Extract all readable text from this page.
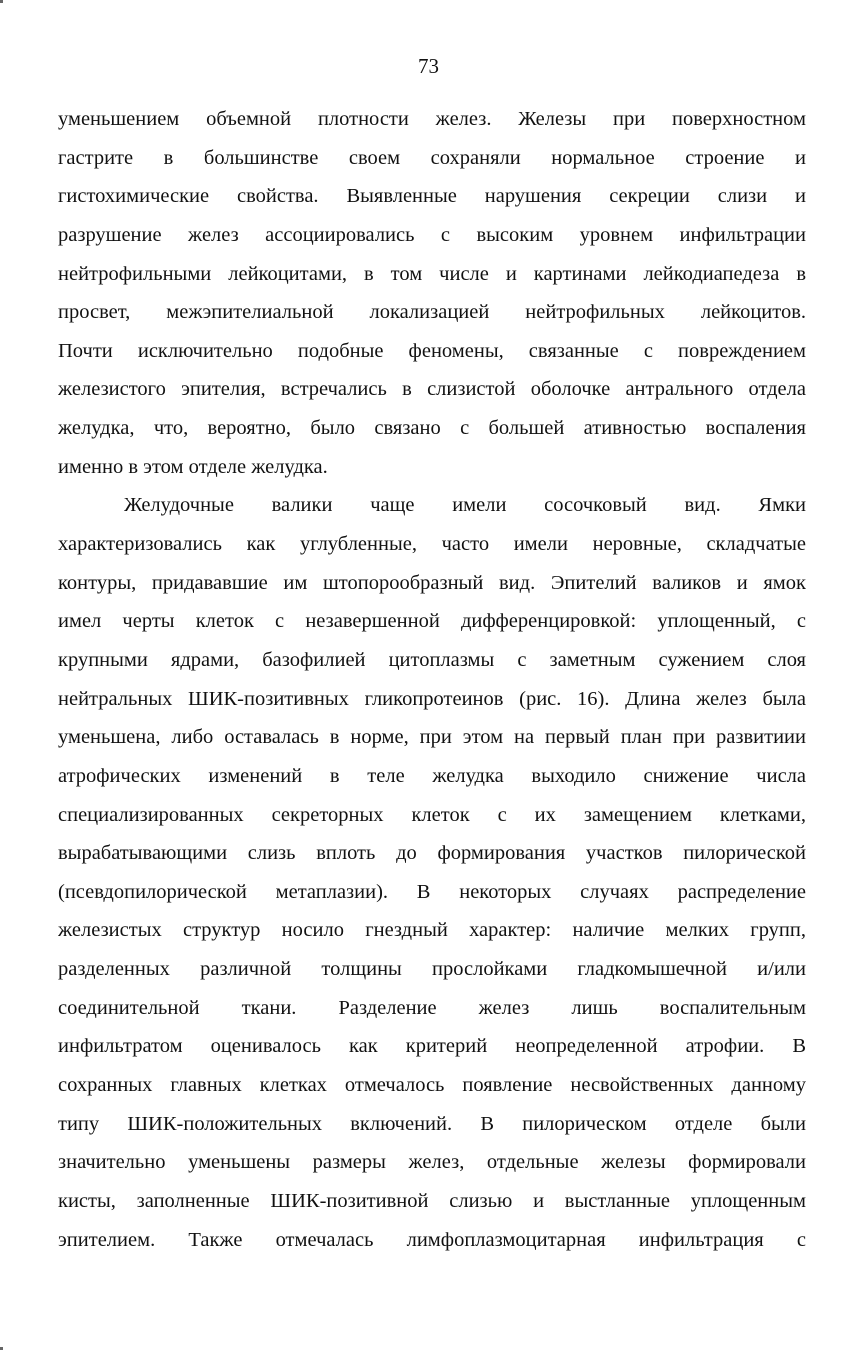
73
уменьшением объемной плотности желез. Железы при поверхностном
гастрите в большинстве своем сохраняли нормальное строение и
гистохимические свойства. Выявленные нарушения секреции слизи и
разрушение желез ассоциировались с высоким уровнем инфильтрации
нейтрофильными лейкоцитами, в том числе и картинами лейкодиапедеза в
просвет, межэпителиальной локализацией нейтрофильных лейкоцитов.
Почти исключительно подобные феномены, связанные с повреждением
железистого эпителия, встречались в слизистой оболочке антрального отдела
желудка, что, вероятно, было связано с большей ативностью воспаления
именно в этом отделе желудка.
Желудочные валики чаще имели сосочковый вид. Ямки
характеризовались как углубленные, часто имели неровные, складчатые
контуры, придававшие им штопорообразный вид. Эпителий валиков и ямок
имел черты клеток с незавершенной дифференцировкой: уплощенный, с
крупными ядрами, базофилией цитоплазмы с заметным сужением слоя
нейтральных ШИК-позитивных гликопротеинов (рис. 16). Длина желез была
уменьшена, либо оставалась в норме, при этом на первый план при развитиии
атрофических изменений в теле желудка выходило снижение числа
специализированных секреторных клеток с их замещением клетками,
вырабатывающими слизь вплоть до формирования участков пилорической
(псевдопилорической метаплазии). В некоторых случаях распределение
железистых структур носило гнездный характер: наличие мелких групп,
разделенных различной толщины прослойками гладкомышечной и/или
соединительной ткани. Разделение желез лишь воспалительным
инфильтратом оценивалось как критерий неопределенной атрофии. В
сохранных главных клетках отмечалось появление несвойственных данному
типу ШИК-положительных включений. В пилорическом отделе были
значительно уменьшены размеры желез, отдельные железы формировали
кисты, заполненные ШИК-позитивной слизью и выстланные уплощенным
эпителием. Также отмечалась лимфоплазмоцитарная инфильтрация с
